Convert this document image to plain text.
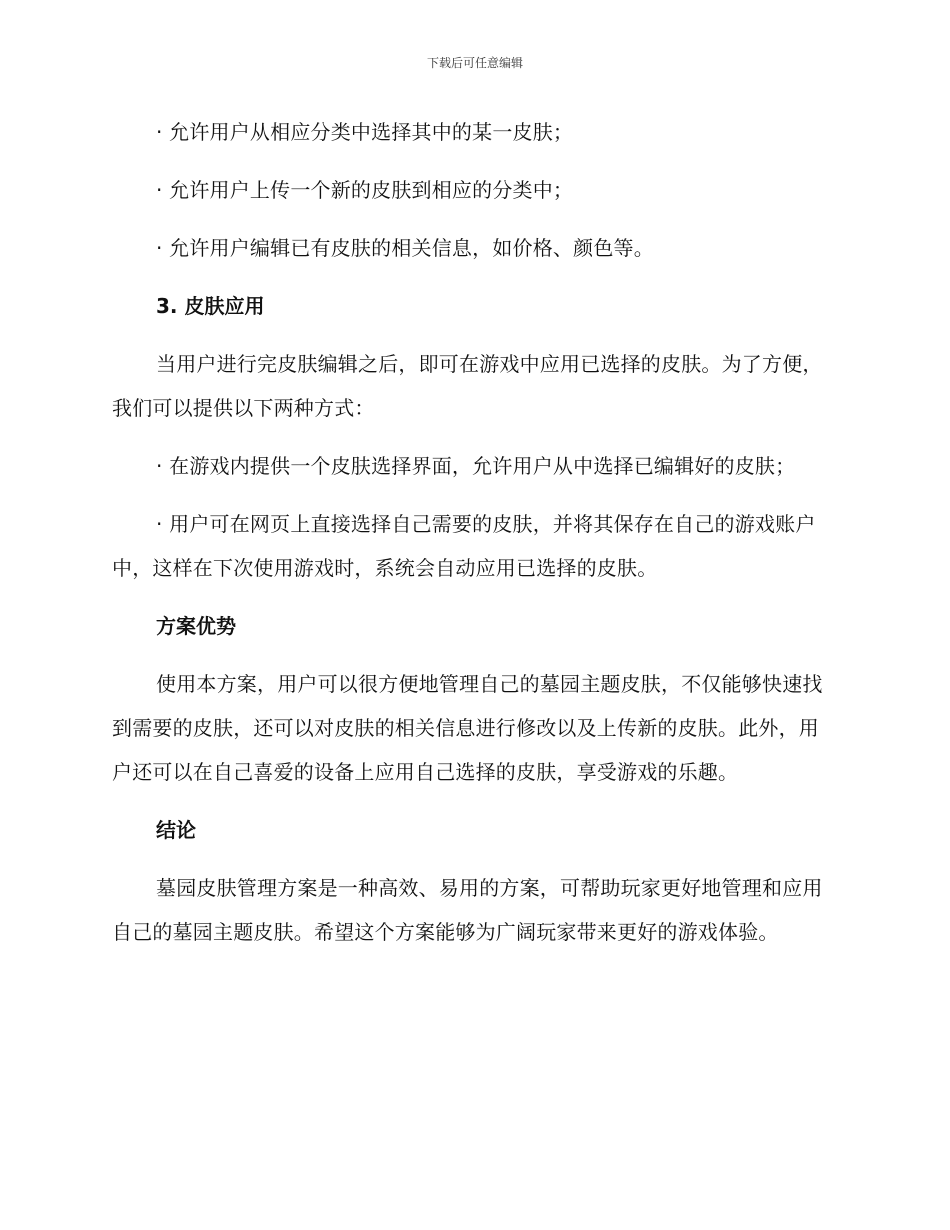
下载后可任意编辑

· 允许用户从相应分类中选择其中的某一皮肤；

· 允许用户上传一个新的皮肤到相应的分类中；

· 允许用户编辑已有皮肤的相关信息，如价格、颜色等。

3. 皮肤应用

当用户进行完皮肤编辑之后，即可在游戏中应用已选择的皮肤。为了方便，我们可以提供以下两种方式：

· 在游戏内提供一个皮肤选择界面，允许用户从中选择已编辑好的皮肤；

· 用户可在网页上直接选择自己需要的皮肤，并将其保存在自己的游戏账户中，这样在下次使用游戏时，系统会自动应用已选择的皮肤。

方案优势

使用本方案，用户可以很方便地管理自己的墓园主题皮肤，不仅能够快速找到需要的皮肤，还可以对皮肤的相关信息进行修改以及上传新的皮肤。此外，用户还可以在自己喜爱的设备上应用自己选择的皮肤，享受游戏的乐趣。

结论

墓园皮肤管理方案是一种高效、易用的方案，可帮助玩家更好地管理和应用自己的墓园主题皮肤。希望这个方案能够为广阔玩家带来更好的游戏体验。
